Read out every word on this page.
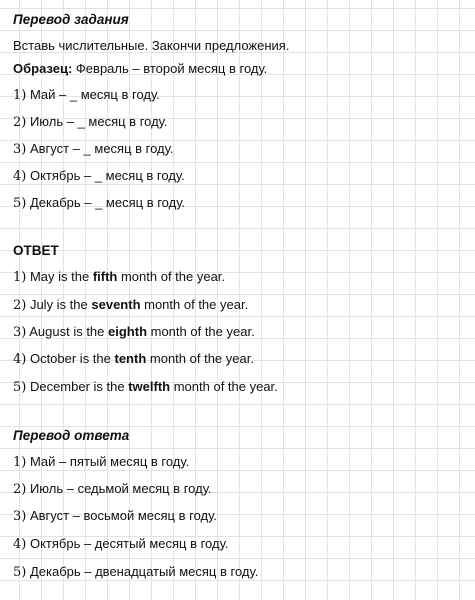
Перевод задания
Вставь числительные. Закончи предложения.
Образец: Февраль – второй месяц в году.
1) Май – _ месяц в году.
2) Июль – _ месяц в году.
3) Август – _ месяц в году.
4) Октябрь – _ месяц в году.
5) Декабрь – _ месяц в году.
ОТВЕТ
1) May is the fifth month of the year.
2) July is the seventh month of the year.
3) August is the eighth month of the year.
4) October is the tenth month of the year.
5) December is the twelfth month of the year.
Перевод ответа
1) Май – пятый месяц в году.
2) Июль – седьмой месяц в году.
3) Август – восьмой месяц в году.
4) Октябрь – десятый месяц в году.
5) Декабрь – двенадцатый месяц в году.
